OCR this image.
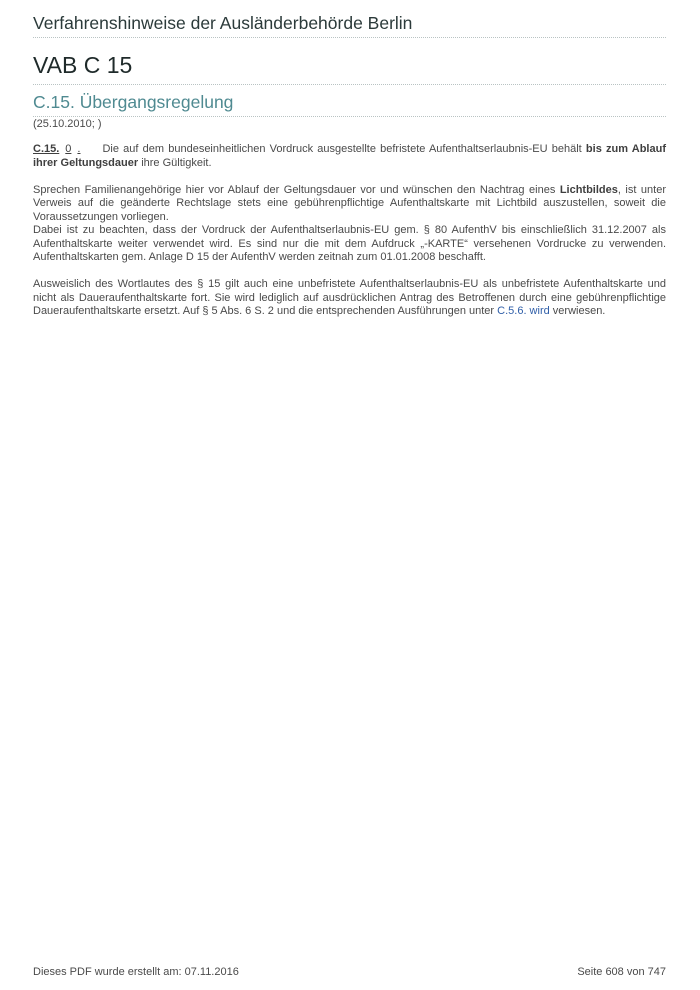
Verfahrenshinweise der Ausländerbehörde Berlin
VAB C 15
C.15. Übergangsregelung
(25.10.2010; )

C.15. 0 . Die auf dem bundeseinheitlichen Vordruck ausgestellte befristete Aufenthaltserlaubnis-EU behält bis zum Ablauf ihrer Geltungsdauer ihre Gültigkeit.

Sprechen Familienangehörige hier vor Ablauf der Geltungsdauer vor und wünschen den Nachtrag eines Lichtbildes, ist unter Verweis auf die geänderte Rechtslage stets eine gebührenpflichtige Aufenthaltskarte mit Lichtbild auszustellen, soweit die Voraussetzungen vorliegen.

Dabei ist zu beachten, dass der Vordruck der Aufenthaltserlaubnis-EU gem. § 80 AufenthV bis einschließlich 31.12.2007 als Aufenthaltskarte weiter verwendet wird. Es sind nur die mit dem Aufdruck „-KARTE“ versehenen Vordrucke zu verwenden. Aufenthaltskarten gem. Anlage D 15 der AufenthV werden zeitnah zum 01.01.2008 beschafft.

Ausweislich des Wortlautes des § 15 gilt auch eine unbefristete Aufenthaltserlaubnis-EU als unbefristete Aufenthaltskarte und nicht als Daueraufenthaltskarte fort. Sie wird lediglich auf ausdrücklichen Antrag des Betroffenen durch eine gebührenpflichtige Daueraufenthaltskarte ersetzt. Auf § 5 Abs. 6 S. 2 und die entsprechenden Ausführungen unter C.5.6. wird verwiesen.

Dieses PDF wurde erstellt am: 07.11.2016	Seite 608 von 747
